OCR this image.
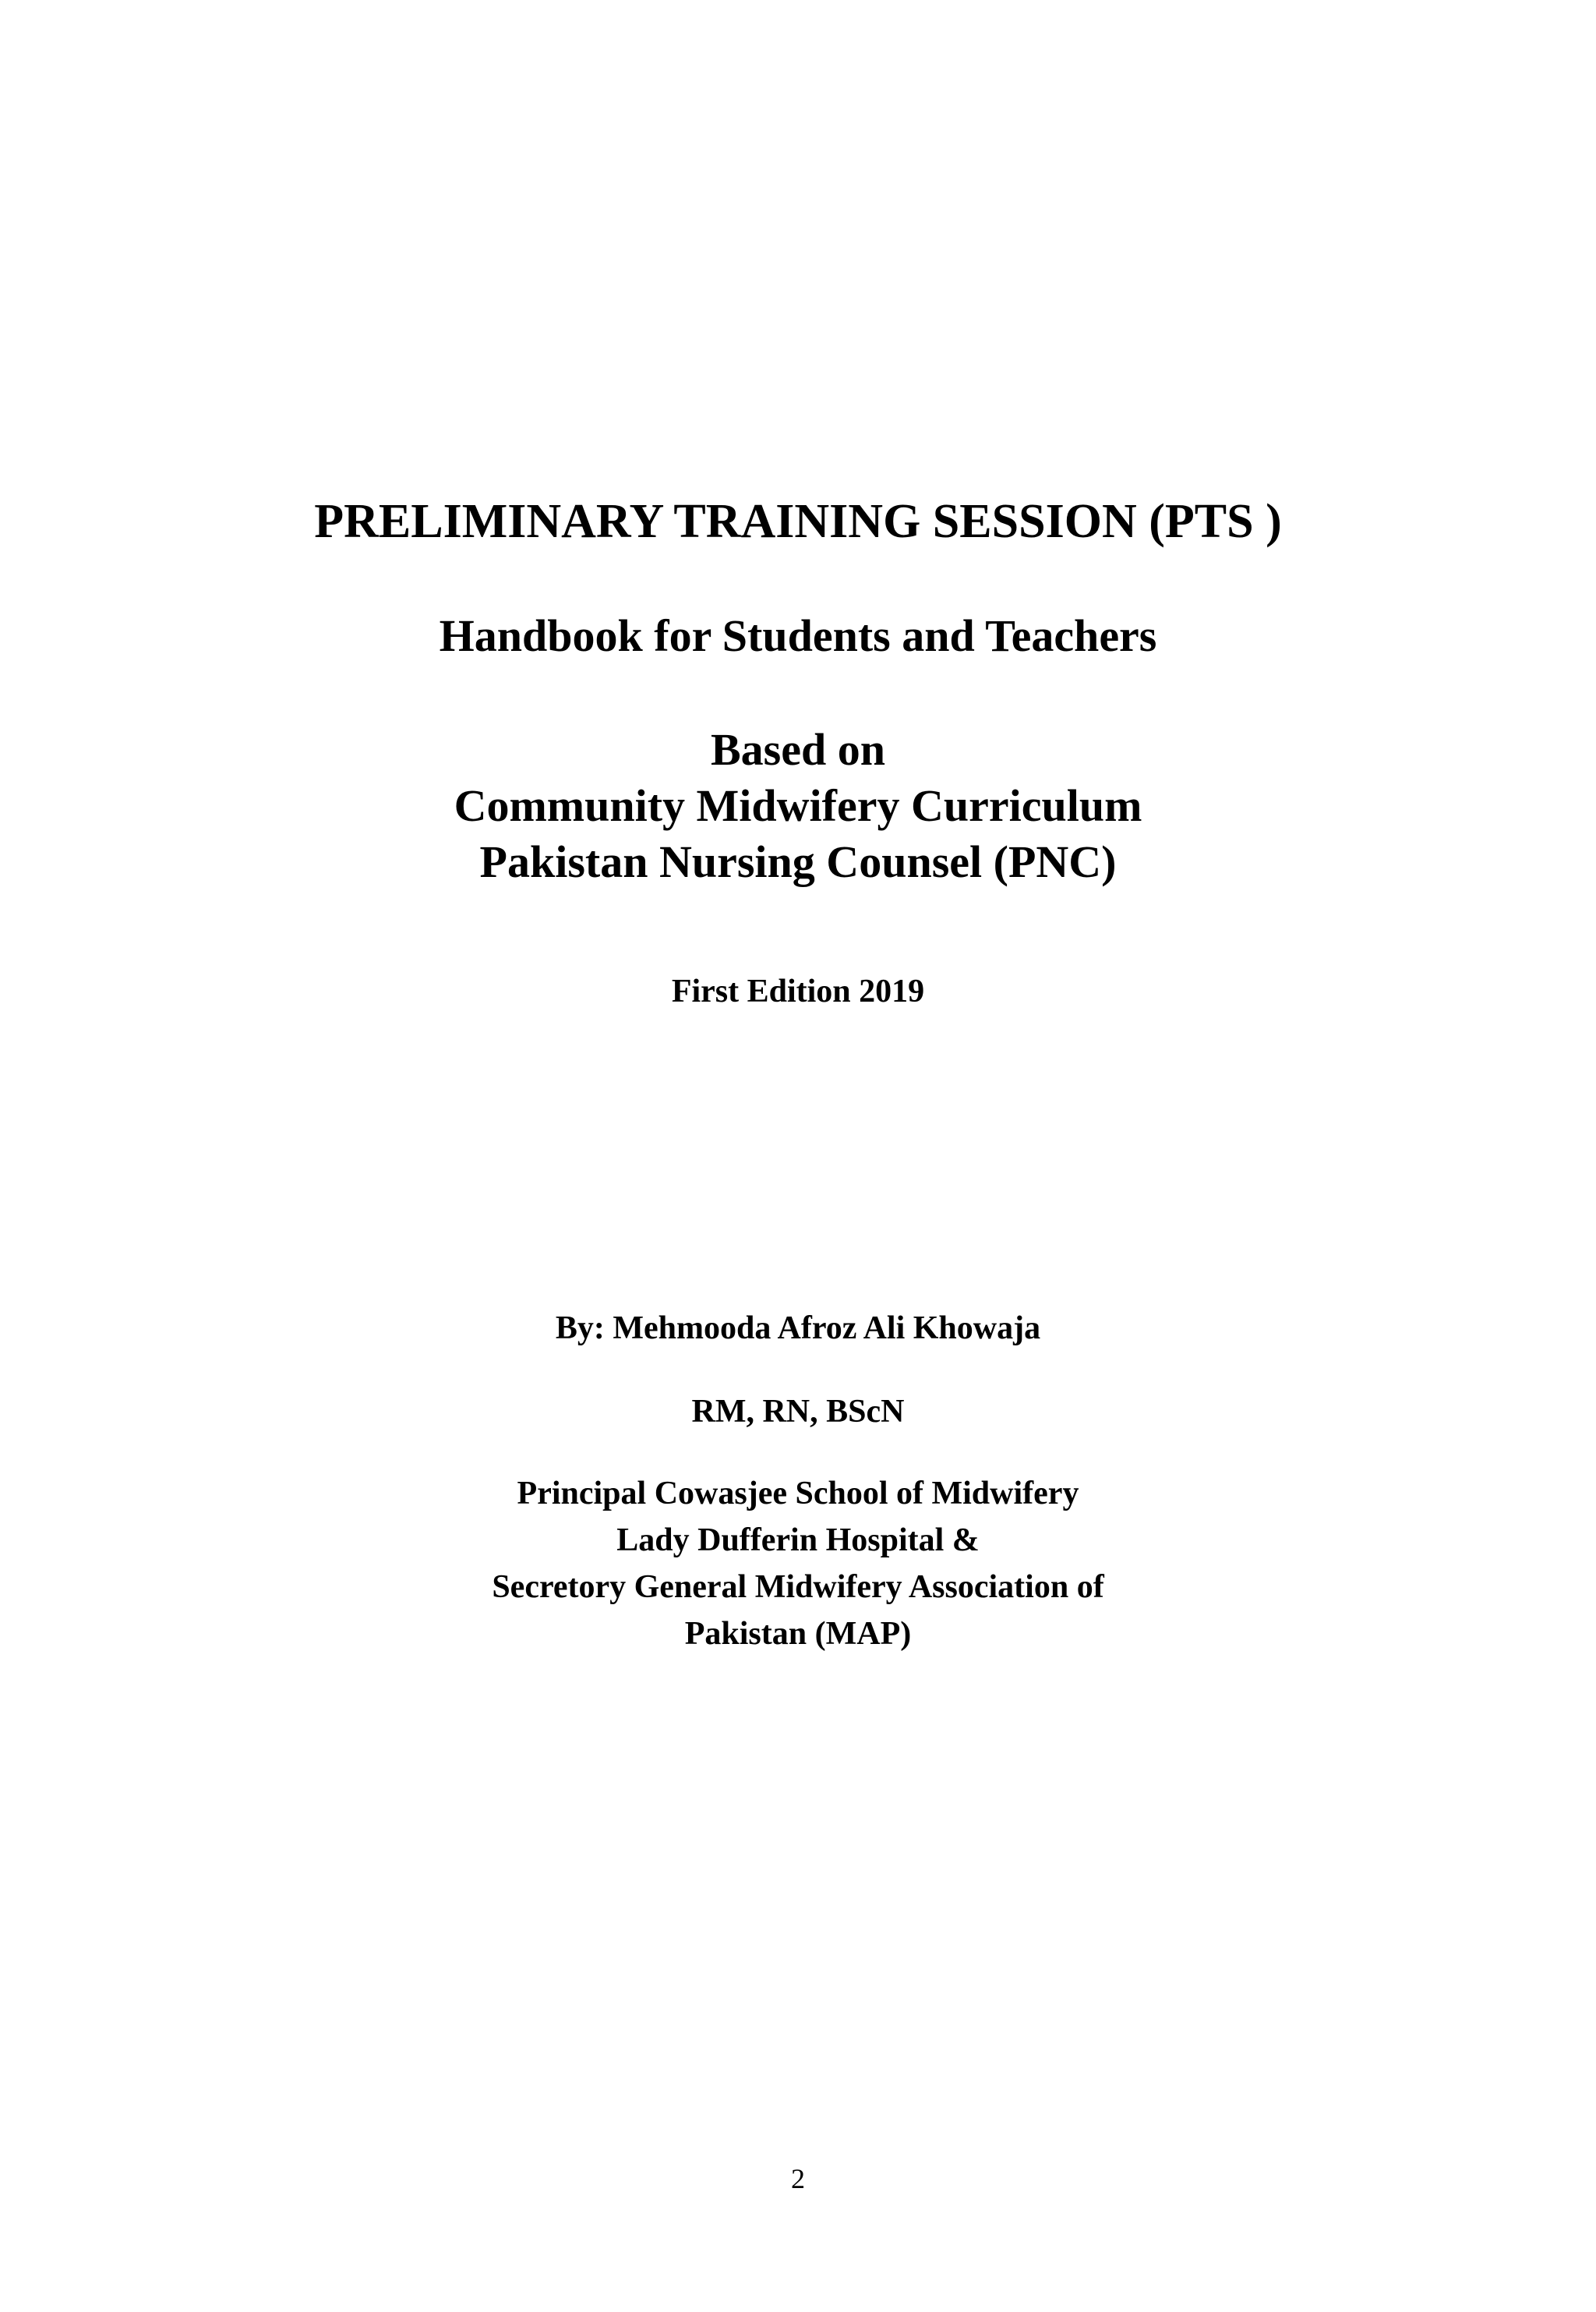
PRELIMINARY TRAINING SESSION (PTS )
Handbook for Students and Teachers
Based on
Community Midwifery Curriculum
Pakistan Nursing Counsel (PNC)
First Edition 2019
By: Mehmooda Afroz Ali Khowaja
RM, RN, BScN
Principal Cowasjee School of Midwifery
Lady Dufferin Hospital &
Secretory General Midwifery Association of
Pakistan (MAP)
2
